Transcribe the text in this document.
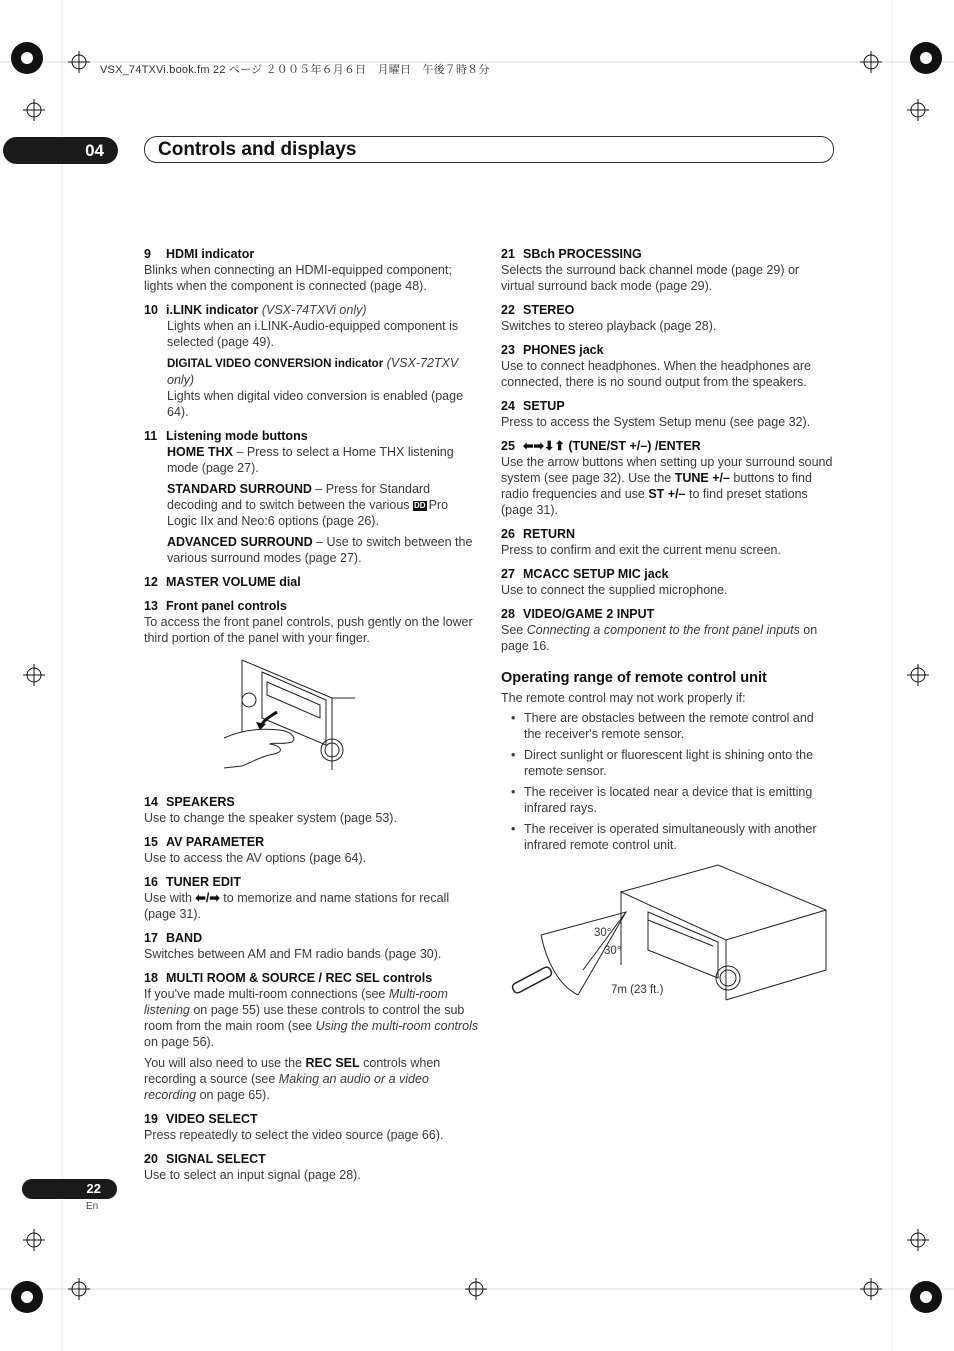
VSX_74TXVi.book.fm 22 ページ ２００５年６月６日　月曜日　午後７時８分
04	Controls and displays
9 HDMI indicator
Blinks when connecting an HDMI-equipped component; lights when the component is connected (page 48).
10 i.LINK indicator (VSX-74TXVi only)
Lights when an i.LINK-Audio-equipped component is selected (page 49).
DIGITAL VIDEO CONVERSION indicator (VSX-72TXV only)
Lights when digital video conversion is enabled (page 64).
11 Listening mode buttons
HOME THX – Press to select a Home THX listening mode (page 27).
STANDARD SURROUND – Press for Standard decoding and to switch between the various DD Pro Logic IIx and Neo:6 options (page 26).
ADVANCED SURROUND – Use to switch between the various surround modes (page 27).
12 MASTER VOLUME dial
13 Front panel controls
To access the front panel controls, push gently on the lower third portion of the panel with your finger.
14 SPEAKERS
Use to change the speaker system (page 53).
15 AV PARAMETER
Use to access the AV options (page 64).
16 TUNER EDIT
Use with ⬅/➡ to memorize and name stations for recall (page 31).
17 BAND
Switches between AM and FM radio bands (page 30).
18 MULTI ROOM & SOURCE / REC SEL controls
If you've made multi-room connections (see Multi-room listening on page 55) use these controls to control the sub room from the main room (see Using the multi-room controls on page 56).
You will also need to use the REC SEL controls when recording a source (see Making an audio or a video recording on page 65).
19 VIDEO SELECT
Press repeatedly to select the video source (page 66).
20 SIGNAL SELECT
Use to select an input signal (page 28).
21 SBch PROCESSING
Selects the surround back channel mode (page 29) or virtual surround back mode (page 29).
22 STEREO
Switches to stereo playback (page 28).
23 PHONES jack
Use to connect headphones. When the headphones are connected, there is no sound output from the speakers.
24 SETUP
Press to access the System Setup menu (see page 32).
25 ⬅➡⬇⬆ (TUNE/ST +/–) /ENTER
Use the arrow buttons when setting up your surround sound system (see page 32). Use the TUNE +/– buttons to find radio frequencies and use ST +/– to find preset stations (page 31).
26 RETURN
Press to confirm and exit the current menu screen.
27 MCACC SETUP MIC jack
Use to connect the supplied microphone.
28 VIDEO/GAME 2 INPUT
See Connecting a component to the front panel inputs on page 16.
Operating range of remote control unit
The remote control may not work properly if:
• There are obstacles between the remote control and the receiver's remote sensor.
• Direct sunlight or fluorescent light is shining onto the remote sensor.
• The receiver is located near a device that is emitting infrared rays.
• The receiver is operated simultaneously with another infrared remote control unit.
30°
30°
7m (23 ft.)
22
En
